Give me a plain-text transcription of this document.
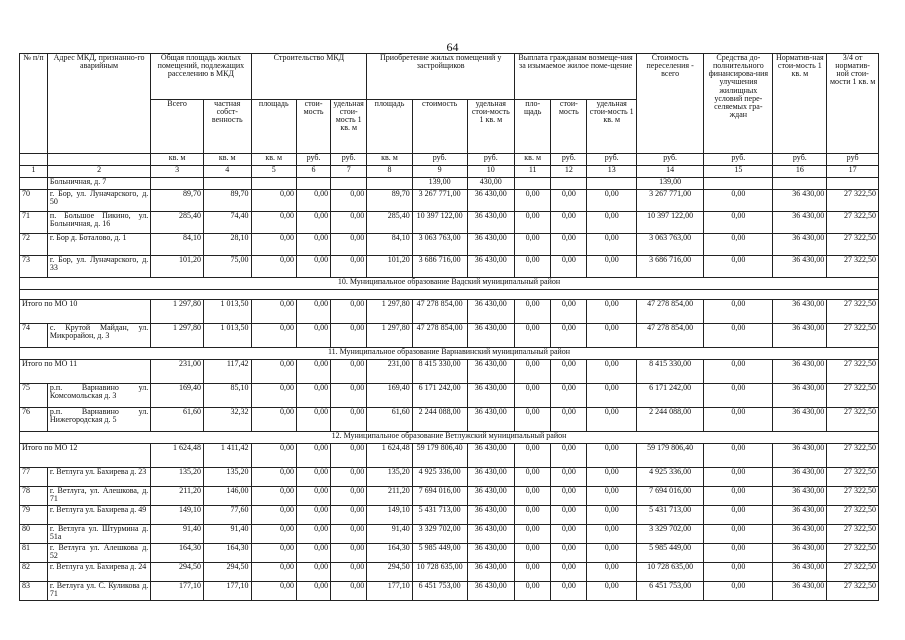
64
№ п/п	Адрес МКД, признанно-го аварийным	Общая площадь жилых помещений, подлежащих расселению в МКД		Строительство МКД			Приобретение жилых помещений у застройщиков			Выплата гражданам возмеще-ния за изымаемое жилое поме-щение			Стоимость переселения - всего	Средства до-полнительного финансирова-ния улучшения жилищных условий пере-селяемых гра-ждан	Норматив-ная стои-мость 1 кв. м	3/4 от норматив-ной стои-мости 1 кв. м
		Всего	частная собст-венность	площадь	стои-мость	удельная стои-мость 1 кв. м	площадь	стоимость	удельная стои-мость 1 кв. м	пло-щадь	стои-мость	удельная стои-мость 1 кв. м				
		кв. м	кв. м	кв. м	руб.	руб.	кв. м	руб.	руб.	кв. м	руб.	руб.	руб.	руб.	руб.	руб
1	2	3	4	5	6	7	8	9	10	11	12	13	14	15	16	17
	Больничная, д. 7							139,00	430,00				139,00			
70	г. Бор, ул. Луначарского, д. 50	89,70	89,70	0,00	0,00	0,00	89,70	3 267 771,00	36 430,00	0,00	0,00	0,00	3 267 771,00	0,00	36 430,00	27 322,50
71	п. Большое Пикино, ул. Больничная, д. 16	285,40	74,40	0,00	0,00	0,00	285,40	10 397 122,00	36 430,00	0,00	0,00	0,00	10 397 122,00	0,00	36 430,00	27 322,50
72	г. Бор д. Боталово, д. 1	84,10	28,10	0,00	0,00	0,00	84,10	3 063 763,00	36 430,00	0,00	0,00	0,00	3 063 763,00	0,00	36 430,00	27 322,50
73	г. Бор, ул. Луначарского, д. 33	101,20	75,00	0,00	0,00	0,00	101,20	3 686 716,00	36 430,00	0,00	0,00	0,00	3 686 716,00	0,00	36 430,00	27 322,50
10. Муниципальное образование Вадский муниципальный район																

Итого по МО 10		1 297,80	1 013,50	0,00	0,00	0,00	1 297,80	47 278 854,00	36 430,00	0,00	0,00	0,00	47 278 854,00	0,00	36 430,00	27 322,50
74	с. Крутой Майдан, ул. Микрорайон, д. 3	1 297,80	1 013,50	0,00	0,00	0,00	1 297,80	47 278 854,00	36 430,00	0,00	0,00	0,00	47 278 854,00	0,00	36 430,00	27 322,50
11. Муниципальное образование Варнавинский муниципальный район																
Итого по МО 11		231,00	117,42	0,00	0,00	0,00	231,00	8 415 330,00	36 430,00	0,00	0,00	0,00	8 415 330,00	0,00	36 430,00	27 322,50
75	р.п. Варнавино ул. Комсомольская д. 3	169,40	85,10	0,00	0,00	0,00	169,40	6 171 242,00	36 430,00	0,00	0,00	0,00	6 171 242,00	0,00	36 430,00	27 322,50
76	р.п. Варнавино ул. Нижегородская д. 5	61,60	32,32	0,00	0,00	0,00	61,60	2 244 088,00	36 430,00	0,00	0,00	0,00	2 244 088,00	0,00	36 430,00	27 322,50
12. Муниципальное образование Ветлужский муниципальный район																
Итого по МО 12		1 624,48	1 411,42	0,00	0,00	0,00	1 624,48	59 179 806,40	36 430,00	0,00	0,00	0,00	59 179 806,40	0,00	36 430,00	27 322,50
77	г. Ветлуга ул. Бахирева д. 23	135,20	135,20	0,00	0,00	0,00	135,20	4 925 336,00	36 430,00	0,00	0,00	0,00	4 925 336,00	0,00	36 430,00	27 322,50
78	г. Ветлуга, ул. Алешкова, д. 71	211,20	146,00	0,00	0,00	0,00	211,20	7 694 016,00	36 430,00	0,00	0,00	0,00	7 694 016,00	0,00	36 430,00	27 322,50
79	г. Ветлуга ул. Бахирева д. 49	149,10	77,60	0,00	0,00	0,00	149,10	5 431 713,00	36 430,00	0,00	0,00	0,00	5 431 713,00	0,00	36 430,00	27 322,50
80	г. Ветлуга ул. Штурмина д. 51а	91,40	91,40	0,00	0,00	0,00	91,40	3 329 702,00	36 430,00	0,00	0,00	0,00	3 329 702,00	0,00	36 430,00	27 322,50
81	г. Ветлуга ул. Алешкова д. 52	164,30	164,30	0,00	0,00	0,00	164,30	5 985 449,00	36 430,00	0,00	0,00	0,00	5 985 449,00	0,00	36 430,00	27 322,50
82	г. Ветлуга ул. Бахирева д. 24	294,50	294,50	0,00	0,00	0,00	294,50	10 728 635,00	36 430,00	0,00	0,00	0,00	10 728 635,00	0,00	36 430,00	27 322,50
83	г. Ветлуга ул. С. Куликова д. 71	177,10	177,10	0,00	0,00	0,00	177,10	6 451 753,00	36 430,00	0,00	0,00	0,00	6 451 753,00	0,00	36 430,00	27 322,50
